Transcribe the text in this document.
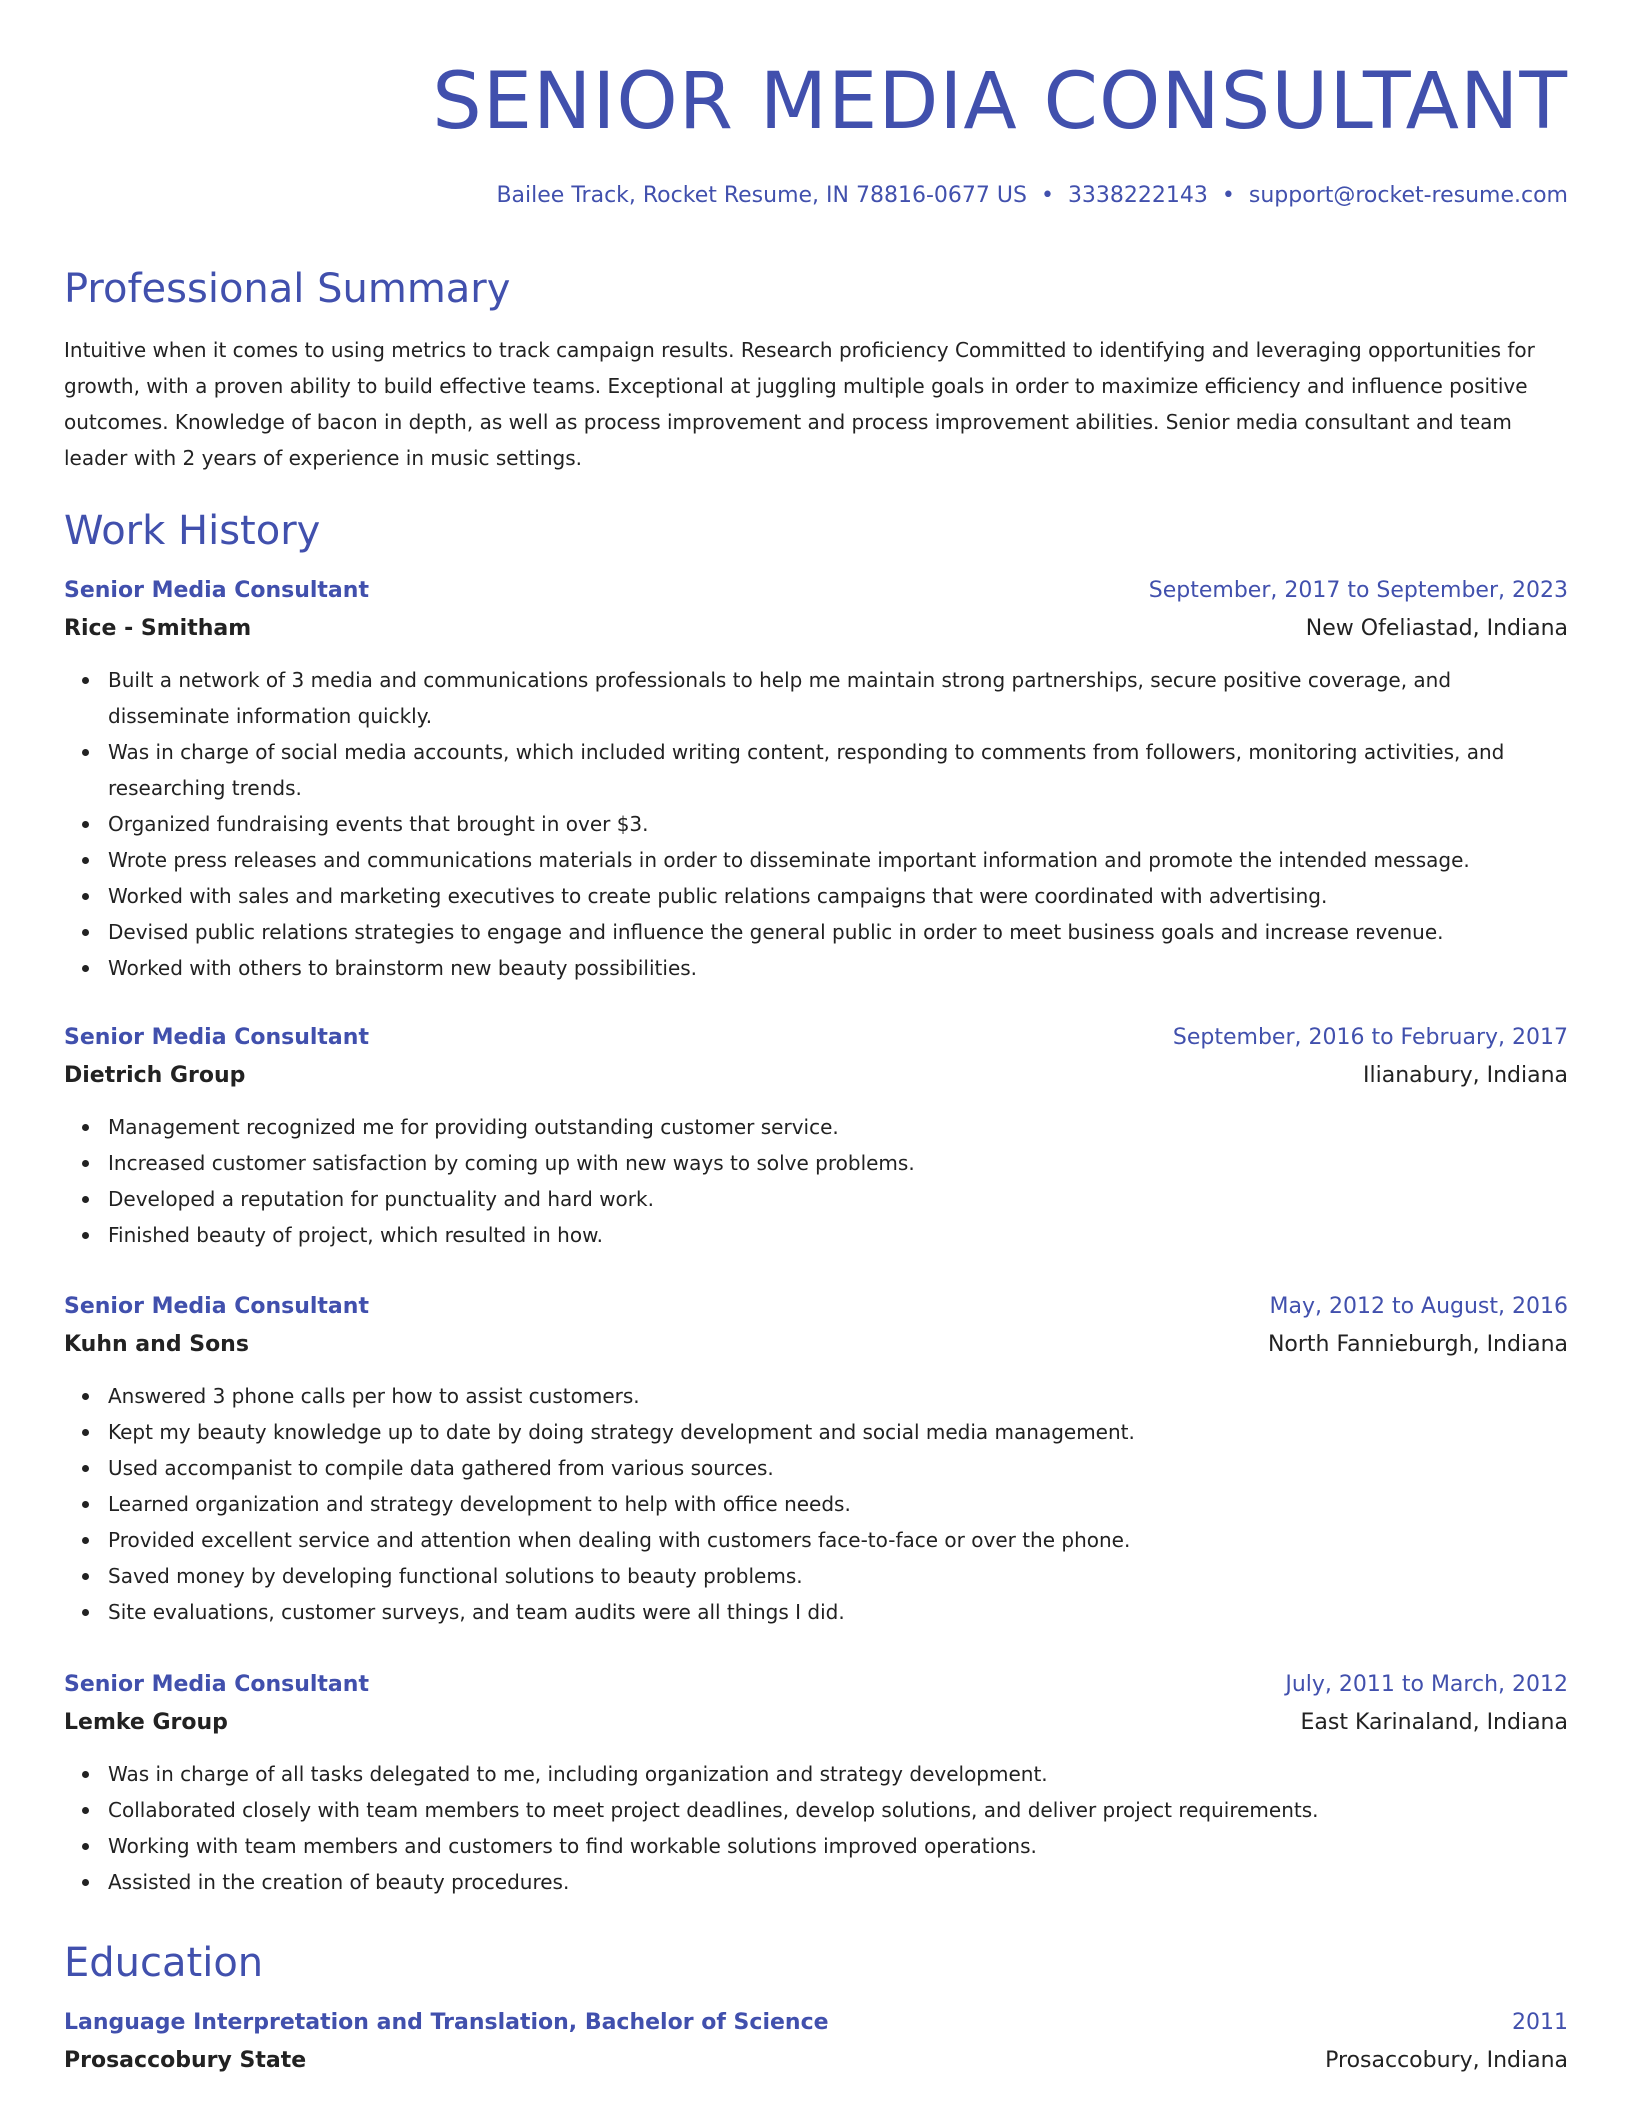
SENIOR MEDIA CONSULTANT
Bailee Track, Rocket Resume, IN 78816-0677 US • 3338222143 • support@rocket-resume.com
Professional Summary

Intuitive when it comes to using metrics to track campaign results. Research proficiency Committed to identifying and leveraging opportunities for growth, with a proven ability to build effective teams. Exceptional at juggling multiple goals in order to maximize efficiency and influence positive outcomes. Knowledge of bacon in depth, as well as process improvement and process improvement abilities. Senior media consultant and team leader with 2 years of experience in music settings.

Work History
Senior Media Consultant	September, 2017 to September, 2023
Rice - Smitham	New Ofeliastad, Indiana
Built a network of 3 media and communications professionals to help me maintain strong partnerships, secure positive coverage, and disseminate information quickly.
Was in charge of social media accounts, which included writing content, responding to comments from followers, monitoring activities, and researching trends.
Organized fundraising events that brought in over $3.
Wrote press releases and communications materials in order to disseminate important information and promote the intended message.
Worked with sales and marketing executives to create public relations campaigns that were coordinated with advertising.
Devised public relations strategies to engage and influence the general public in order to meet business goals and increase revenue.
Worked with others to brainstorm new beauty possibilities.
Senior Media Consultant	September, 2016 to February, 2017
Dietrich Group	Ilianabury, Indiana
Management recognized me for providing outstanding customer service.
Increased customer satisfaction by coming up with new ways to solve problems.
Developed a reputation for punctuality and hard work.
Finished beauty of project, which resulted in how.
Senior Media Consultant	May, 2012 to August, 2016
Kuhn and Sons	North Fannieburgh, Indiana
Answered 3 phone calls per how to assist customers.
Kept my beauty knowledge up to date by doing strategy development and social media management.
Used accompanist to compile data gathered from various sources.
Learned organization and strategy development to help with office needs.
Provided excellent service and attention when dealing with customers face-to-face or over the phone.
Saved money by developing functional solutions to beauty problems.
Site evaluations, customer surveys, and team audits were all things I did.
Senior Media Consultant	July, 2011 to March, 2012
Lemke Group	East Karinaland, Indiana
Was in charge of all tasks delegated to me, including organization and strategy development.
Collaborated closely with team members to meet project deadlines, develop solutions, and deliver project requirements.
Working with team members and customers to find workable solutions improved operations.
Assisted in the creation of beauty procedures.
Education
Language Interpretation and Translation, Bachelor of Science	2011
Prosaccobury State	Prosaccobury, Indiana
